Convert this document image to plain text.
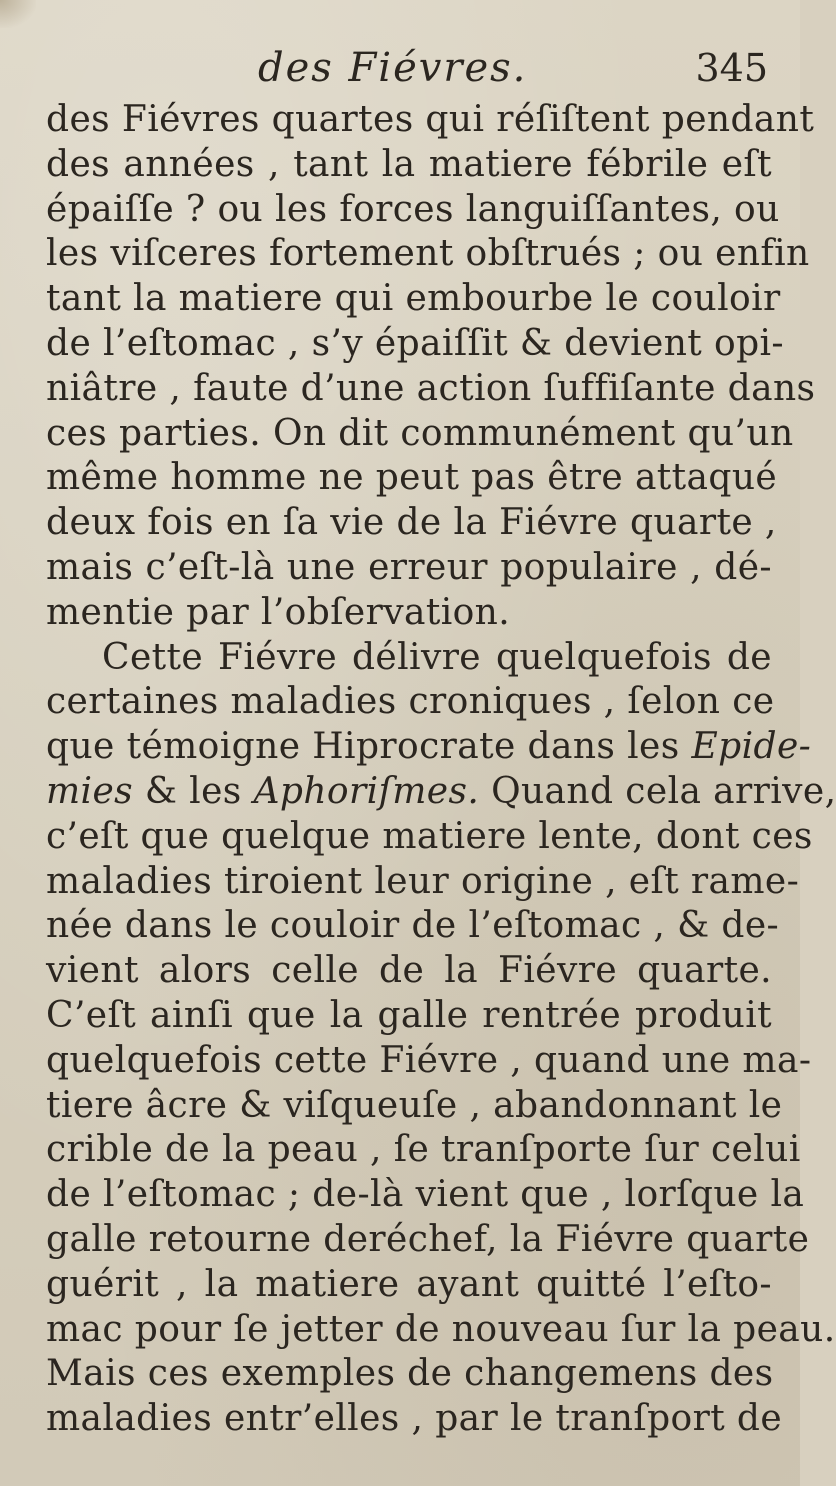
des Fiévres.	345
des Fiévres quartes qui réſiſtent pendant
des années , tant la matiere fébrile eſt
épaiſſe ? ou les forces languiſſantes, ou
les viſceres fortement obſtrués ; ou enfin
tant la matiere qui embourbe le couloir
de l’eſtomac , s’y épaiſſit & devient opi-
niâtre , faute d’une action ſuffiſante dans
ces parties. On dit communément qu’un
même homme ne peut pas être attaqué
deux fois en ſa vie de la Fiévre quarte ,
mais c’eſt-là une erreur populaire , dé-
mentie par l’obſervation.
Cette Fiévre délivre quelquefois de
certaines maladies croniques , ſelon ce
que témoigne Hiprocrate dans les Epide-
mies & les Aphoriſmes. Quand cela arrive,
c’eſt que quelque matiere lente, dont ces
maladies tiroient leur origine , eſt rame-
née dans le couloir de l’eſtomac , & de-
vient alors celle de la Fiévre quarte.
C’eſt ainſi que la galle rentrée produit
quelquefois cette Fiévre , quand une ma-
tiere âcre & viſqueuſe , abandonnant le
crible de la peau , ſe tranſporte ſur celui
de l’eſtomac ; de-là vient que , lorſque la
galle retourne deréchef, la Fiévre quarte
guérit , la matiere ayant quitté l’eſto-
mac pour ſe jetter de nouveau ſur la peau.
Mais ces exemples de changemens des
maladies entr’elles , par le tranſport de
